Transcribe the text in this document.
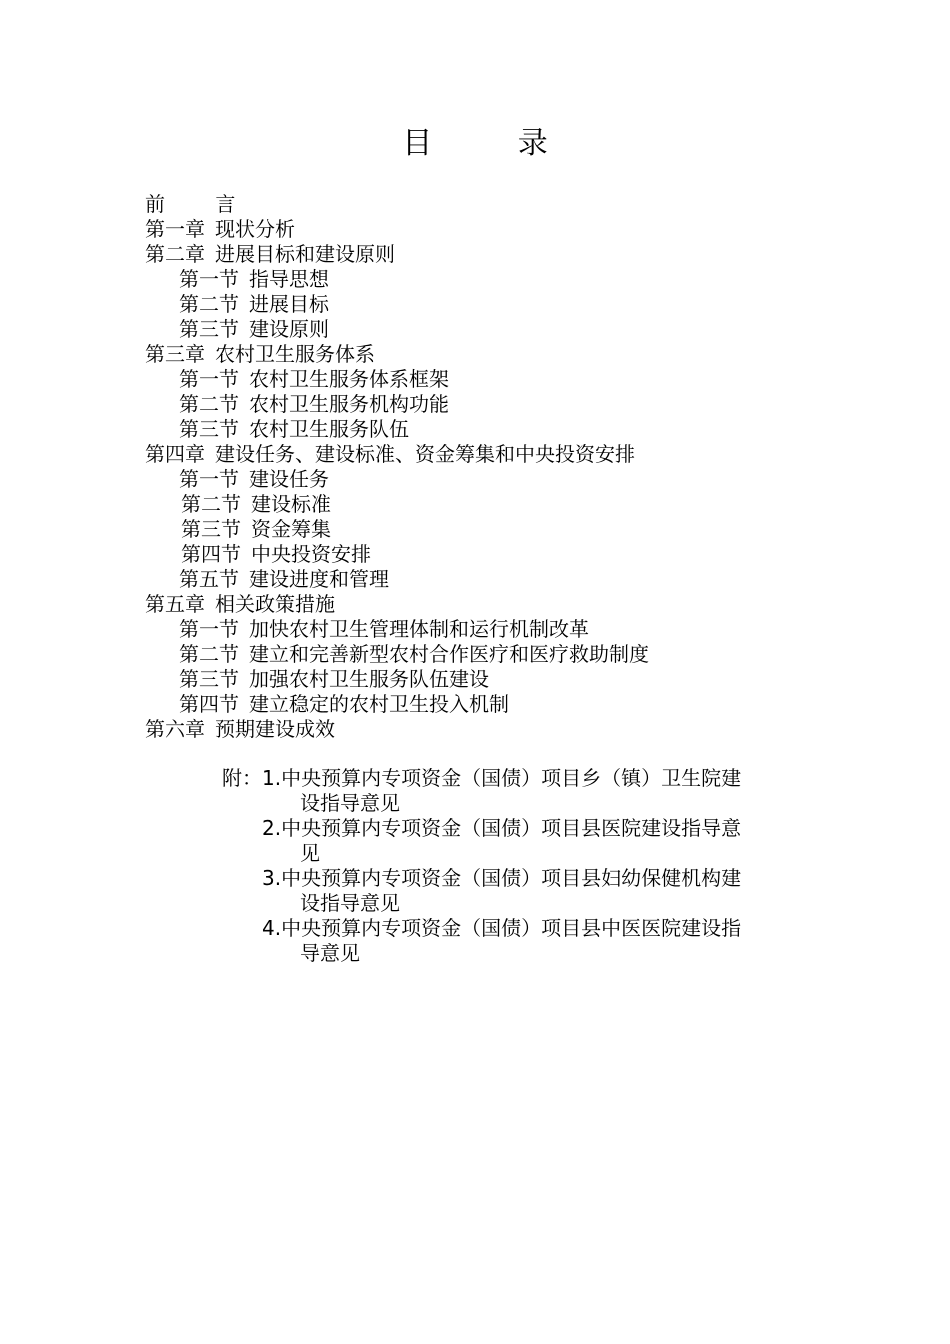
目 录
前 言
第一章 现状分析
第二章 进展目标和建设原则
第一节 指导思想
第二节 进展目标
第三节 建设原则
第三章 农村卫生服务体系
第一节 农村卫生服务体系框架
第二节 农村卫生服务机构功能
第三节 农村卫生服务队伍
第四章 建设任务、建设标准、资金筹集和中央投资安排
第一节 建设任务
第二节 建设标准
第三节 资金筹集
第四节 中央投资安排
第五节 建设进度和管理
第五章 相关政策措施
第一节 加快农村卫生管理体制和运行机制改革
第二节 建立和完善新型农村合作医疗和医疗救助制度
第三节 加强农村卫生服务队伍建设
第四节 建立稳定的农村卫生投入机制
第六章 预期建设成效
附：1.中央预算内专项资金（国债）项目乡（镇）卫生院建
设指导意见
2.中央预算内专项资金（国债）项目县医院建设指导意
见
3.中央预算内专项资金（国债）项目县妇幼保健机构建
设指导意见
4.中央预算内专项资金（国债）项目县中医医院建设指
导意见
